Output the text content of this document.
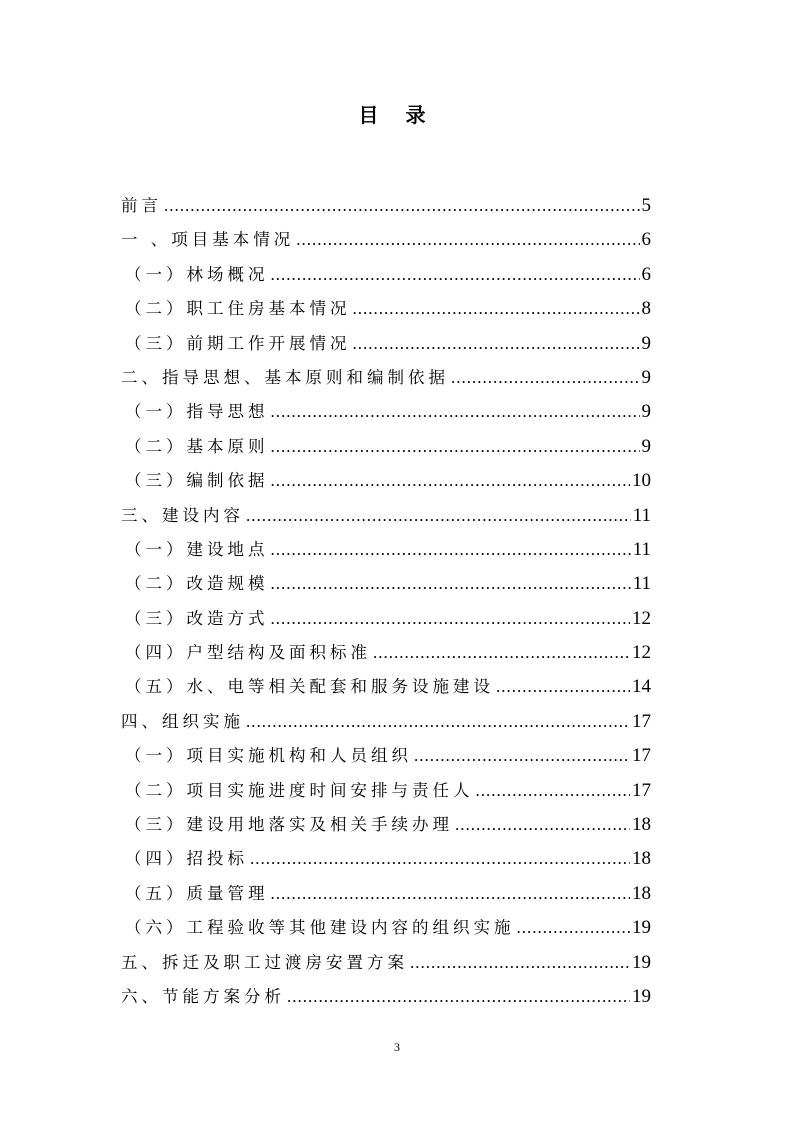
目 录
前言 .....	5
一 、项目基本情况 .....	6
（一）林场概况 .....	6
（二）职工住房基本情况 .....	8
（三）前期工作开展情况 .....	9
二、指导思想、基本原则和编制依据 .....	9
（一）指导思想 .....	9
（二）基本原则 .....	9
（三）编制依据 .....	10
三、建设内容 .....	11
（一）建设地点 .....	11
（二）改造规模 .....	11
（三）改造方式 .....	12
（四）户型结构及面积标准 .....	12
（五）水、电等相关配套和服务设施建设 .....	14
四、组织实施 .....	17
（一）项目实施机构和人员组织 .....	17
（二）项目实施进度时间安排与责任人 .....	17
（三）建设用地落实及相关手续办理 .....	18
（四）招投标 .....	18
（五）质量管理 .....	18
（六）工程验收等其他建设内容的组织实施 .....	19
五、拆迁及职工过渡房安置方案 .....	19
六、节能方案分析 .....	19
3
